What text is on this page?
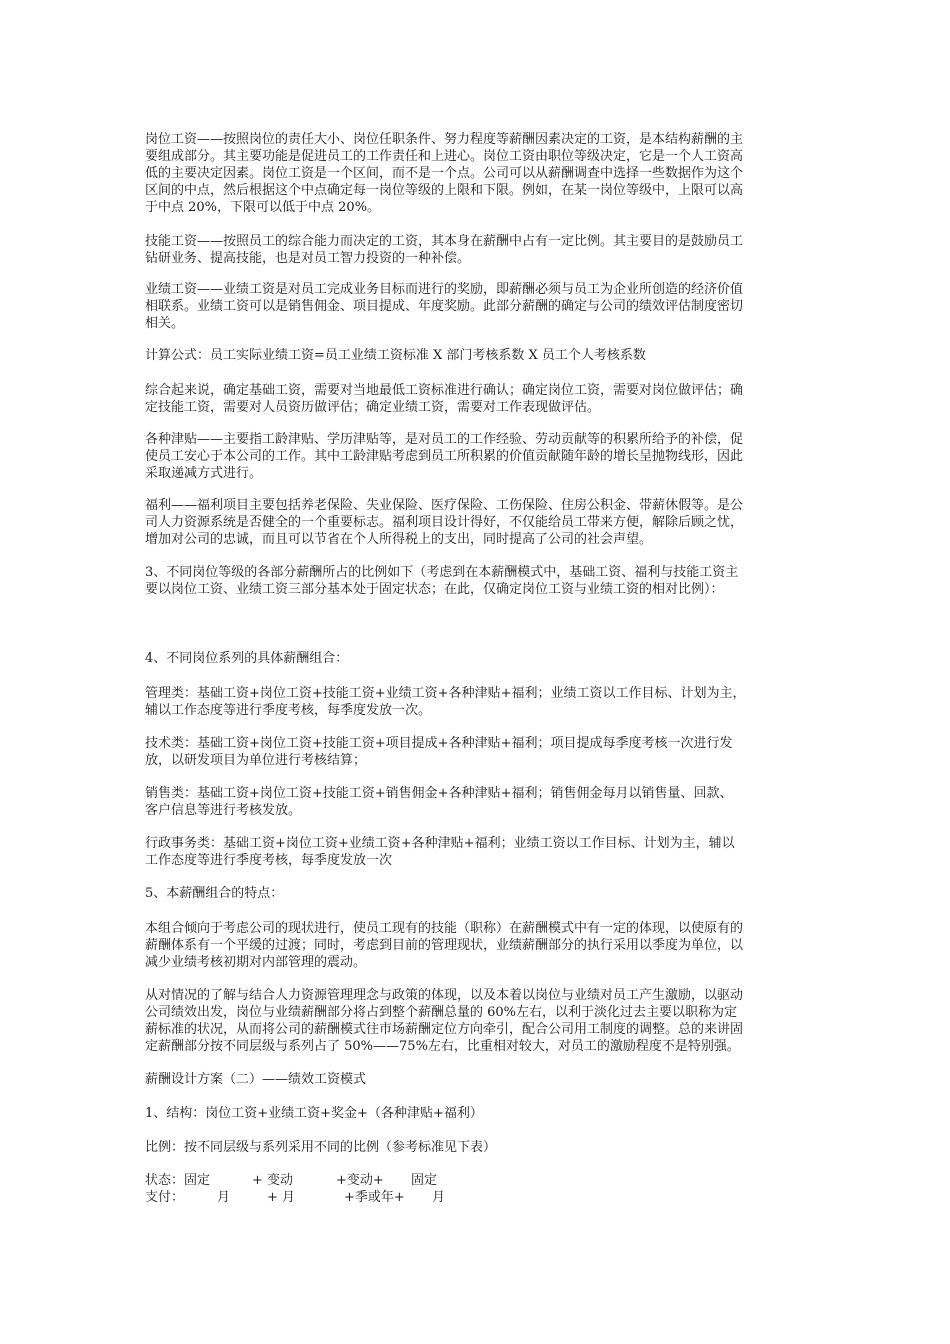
岗位工资——按照岗位的责任大小、岗位任职条件、努力程度等薪酬因素决定的工资，是本结构薪酬的主
要组成部分。其主要功能是促进员工的工作责任和上进心。岗位工资由职位等级决定，它是一个人工资高
低的主要决定因素。岗位工资是一个区间，而不是一个点。公司可以从薪酬调查中选择一些数据作为这个
区间的中点，然后根据这个中点确定每一岗位等级的上限和下限。例如，在某一岗位等级中，上限可以高
于中点 20%，下限可以低于中点 20%。
技能工资——按照员工的综合能力而决定的工资，其本身在薪酬中占有一定比例。其主要目的是鼓励员工
钻研业务、提高技能，也是对员工智力投资的一种补偿。
业绩工资——业绩工资是对员工完成业务目标而进行的奖励，即薪酬必须与员工为企业所创造的经济价值
相联系。业绩工资可以是销售佣金、项目提成、年度奖励。此部分薪酬的确定与公司的绩效评估制度密切
相关。
计算公式：员工实际业绩工资=员工业绩工资标准 X 部门考核系数 X 员工个人考核系数
综合起来说，确定基础工资，需要对当地最低工资标准进行确认；确定岗位工资，需要对岗位做评估；确
定技能工资，需要对人员资历做评估；确定业绩工资，需要对工作表现做评估。
各种津贴——主要指工龄津贴、学历津贴等，是对员工的工作经验、劳动贡献等的积累所给予的补偿，促
使员工安心于本公司的工作。其中工龄津贴考虑到员工所积累的价值贡献随年龄的增长呈抛物线形，因此
采取递减方式进行。
福利——福利项目主要包括养老保险、失业保险、医疗保险、工伤保险、住房公积金、带薪休假等。是公
司人力资源系统是否健全的一个重要标志。福利项目设计得好，不仅能给员工带来方便，解除后顾之忧，
增加对公司的忠诚，而且可以节省在个人所得税上的支出，同时提高了公司的社会声望。
3、不同岗位等级的各部分薪酬所占的比例如下（考虑到在本薪酬模式中，基础工资、福利与技能工资主
要以岗位工资、业绩工资三部分基本处于固定状态；在此，仅确定岗位工资与业绩工资的相对比例）：
4、不同岗位系列的具体薪酬组合：
管理类：基础工资+岗位工资+技能工资+业绩工资+各种津贴+福利；业绩工资以工作目标、计划为主，
辅以工作态度等进行季度考核，每季度发放一次。
技术类：基础工资+岗位工资+技能工资+项目提成+各种津贴+福利；项目提成每季度考核一次进行发
放，以研发项目为单位进行考核结算；
销售类：基础工资+岗位工资+技能工资+销售佣金+各种津贴+福利；销售佣金每月以销售量、回款、
客户信息等进行考核发放。
行政事务类：基础工资+岗位工资+业绩工资+各种津贴+福利；业绩工资以工作目标、计划为主，辅以
工作态度等进行季度考核，每季度发放一次
5、本薪酬组合的特点：
本组合倾向于考虑公司的现状进行，使员工现有的技能（职称）在薪酬模式中有一定的体现，以使原有的
薪酬体系有一个平缓的过渡；同时，考虑到目前的管理现状，业绩薪酬部分的执行采用以季度为单位，以
减少业绩考核初期对内部管理的震动。
从对情况的了解与结合人力资源管理理念与政策的体现，以及本着以岗位与业绩对员工产生激励，以驱动
公司绩效出发，岗位与业绩薪酬部分将占到整个薪酬总量的 60%左右，以利于淡化过去主要以职称为定
薪标准的状况，从而将公司的薪酬模式往市场薪酬定位方向牵引，配合公司用工制度的调整。总的来讲固
定薪酬部分按不同层级与系列占了 50%——75%左右，比重相对较大，对员工的激励程度不是特别强。
薪酬设计方案（二）——绩效工资模式
1、结构：岗位工资+业绩工资+奖金+（各种津贴+福利）
比例：按不同层级与系列采用不同的比例（参考标准见下表）
状态：固定	+ 变动	+变动+	固定
支付：	月	+ 月	+季或年+	月
